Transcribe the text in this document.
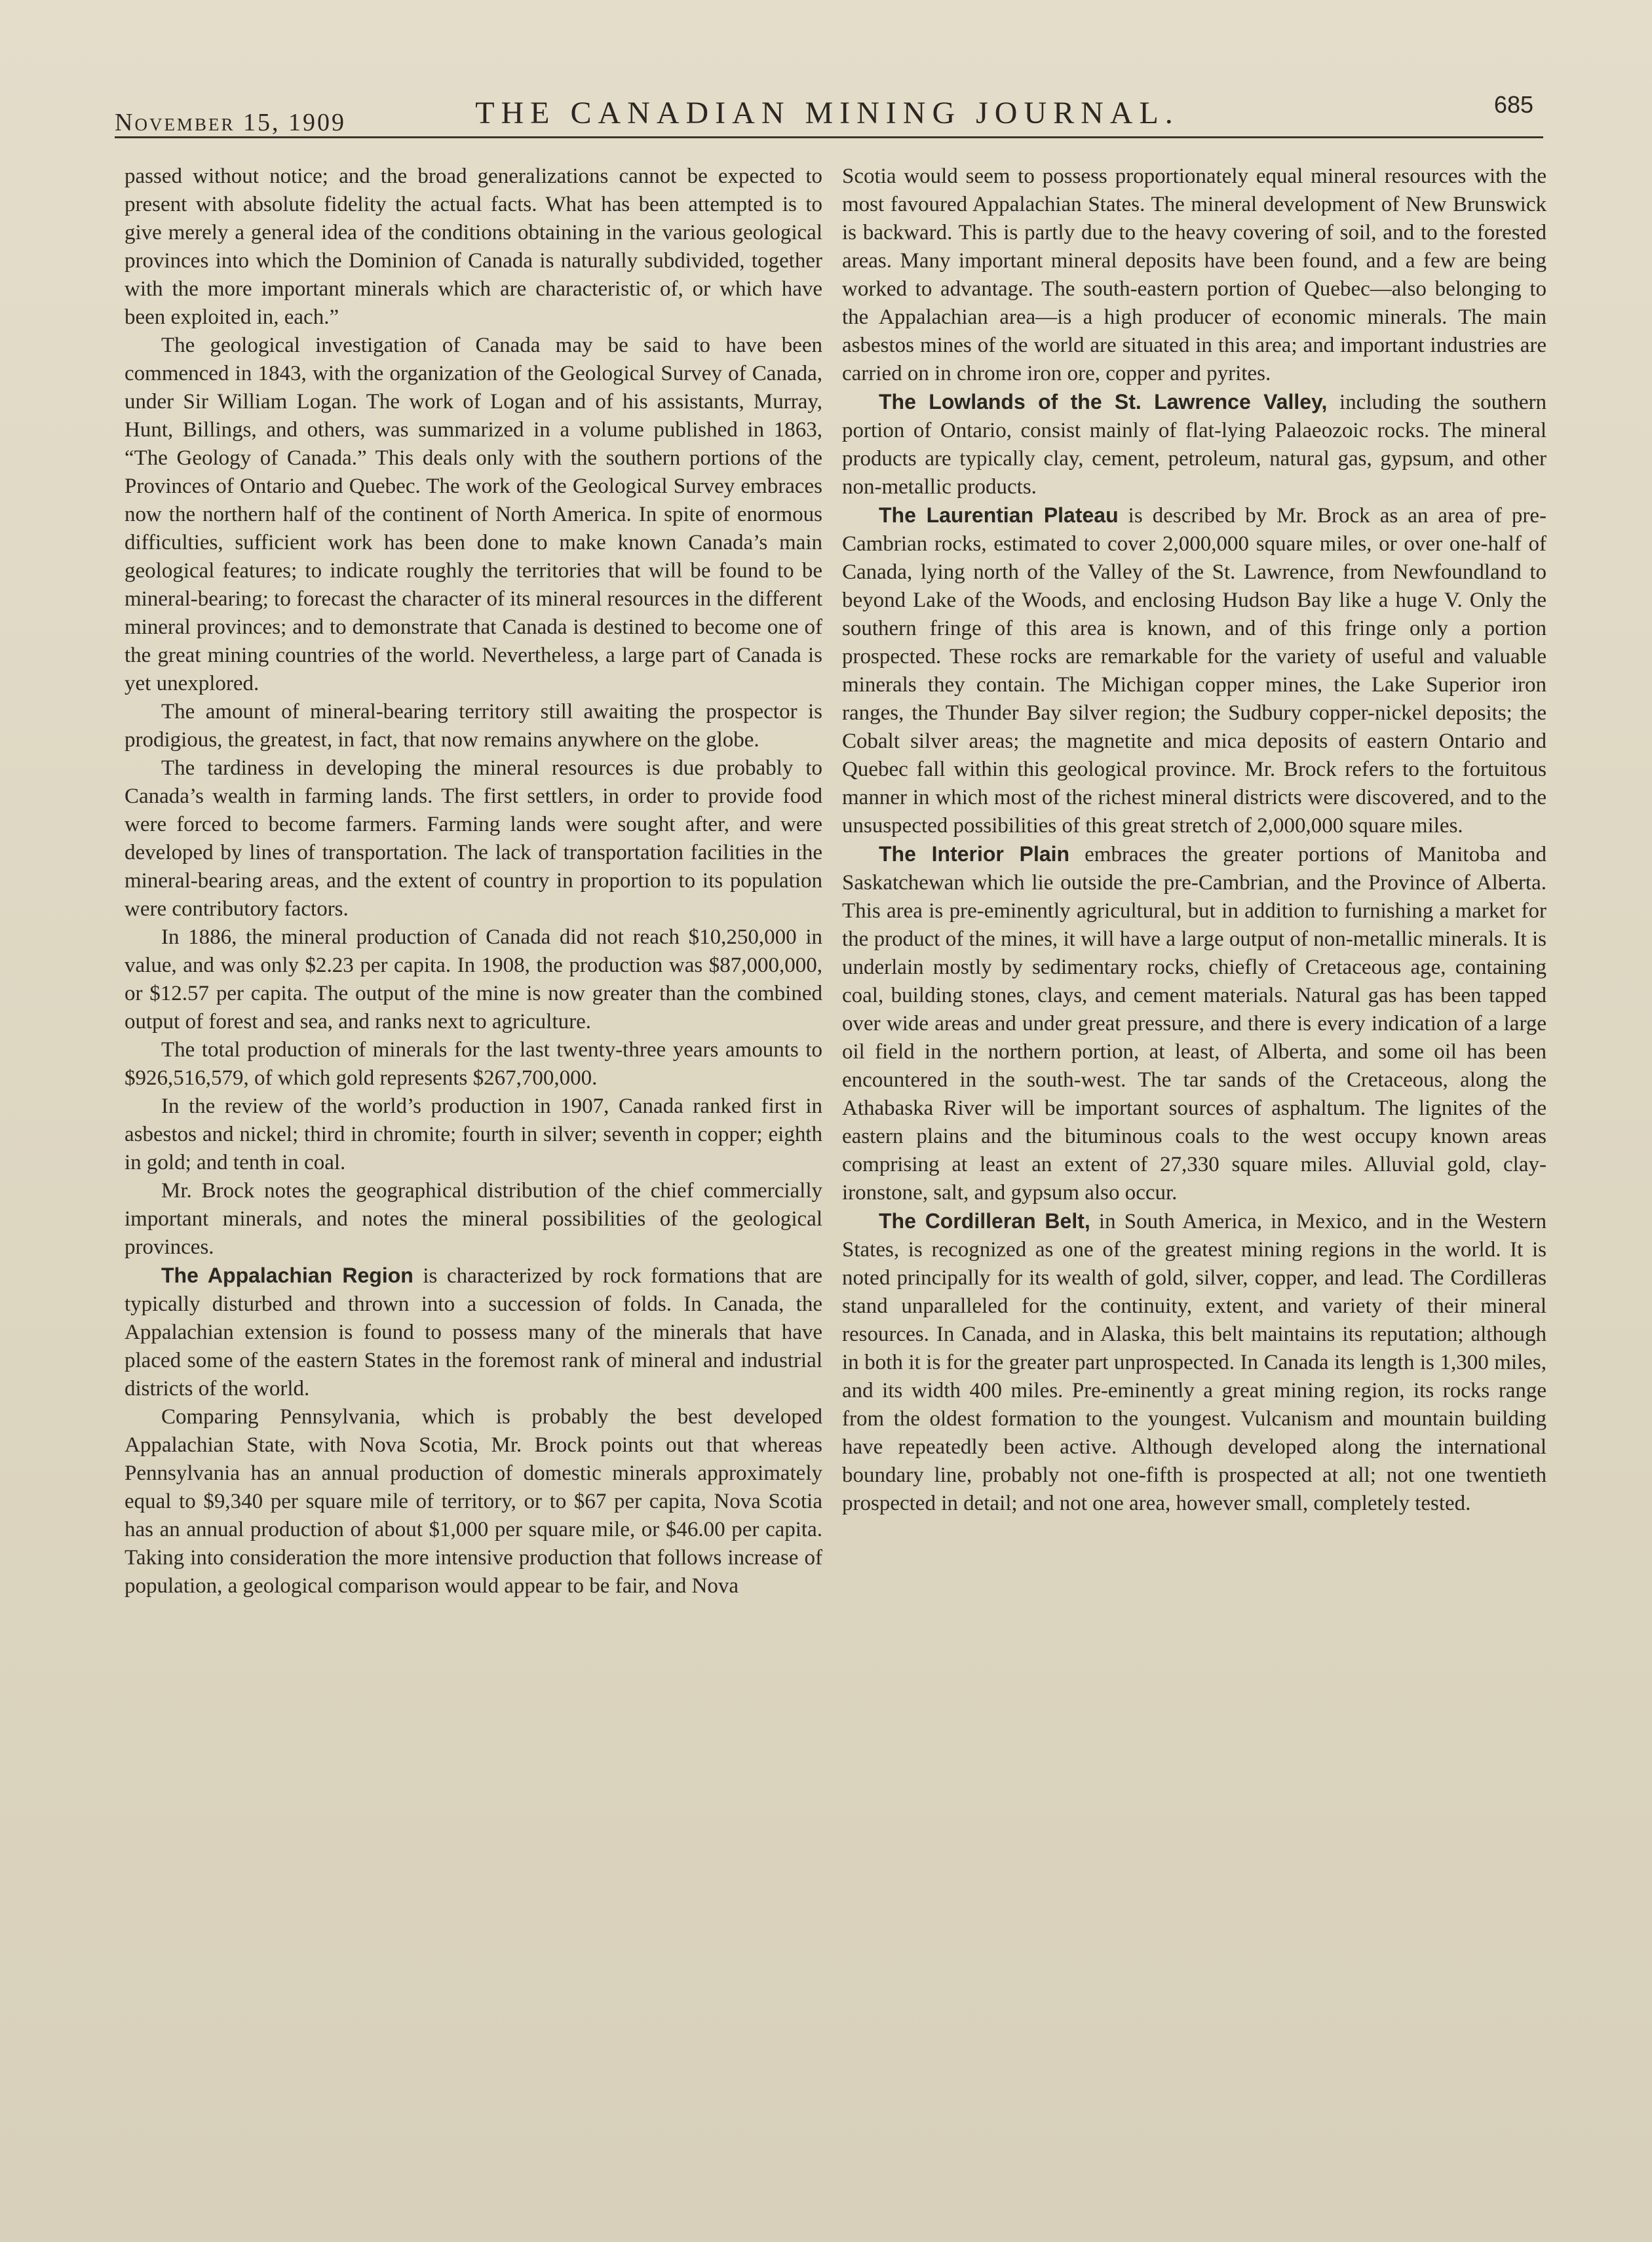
November 15, 1909	THE CANADIAN MINING JOURNAL.	685

passed without notice; and the broad generalizations cannot be expected to present with absolute fidelity the actual facts. What has been attempted is to give merely a general idea of the conditions obtaining in the various geological provinces into which the Dominion of Canada is naturally subdivided, together with the more important minerals which are characteristic of, or which have been exploited in, each.”

The geological investigation of Canada may be said to have been commenced in 1843, with the organization of the Geological Survey of Canada, under Sir William Logan. The work of Logan and of his assistants, Murray, Hunt, Billings, and others, was summarized in a volume published in 1863, “The Geology of Canada.” This deals only with the southern portions of the Provinces of Ontario and Quebec. The work of the Geological Survey embraces now the northern half of the continent of North America. In spite of enormous difficulties, sufficient work has been done to make known Canada’s main geological features; to indicate roughly the territories that will be found to be mineral-bearing; to forecast the character of its mineral resources in the different mineral provinces; and to demonstrate that Canada is destined to become one of the great mining countries of the world. Nevertheless, a large part of Canada is yet unexplored.

The amount of mineral-bearing territory still awaiting the prospector is prodigious, the greatest, in fact, that now remains anywhere on the globe.

The tardiness in developing the mineral resources is due probably to Canada’s wealth in farming lands. The first settlers, in order to provide food were forced to become farmers. Farming lands were sought after, and were developed by lines of transportation. The lack of transportation facilities in the mineral-bearing areas, and the extent of country in proportion to its population were contributory factors.

In 1886, the mineral production of Canada did not reach $10,250,000 in value, and was only $2.23 per capita. In 1908, the production was $87,000,000, or $12.57 per capita. The output of the mine is now greater than the combined output of forest and sea, and ranks next to agriculture.

The total production of minerals for the last twenty-three years amounts to $926,516,579, of which gold represents $267,700,000.

In the review of the world’s production in 1907, Canada ranked first in asbestos and nickel; third in chromite; fourth in silver; seventh in copper; eighth in gold; and tenth in coal.

Mr. Brock notes the geographical distribution of the chief commercially important minerals, and notes the mineral possibilities of the geological provinces.

The Appalachian Region is characterized by rock formations that are typically disturbed and thrown into a succession of folds. In Canada, the Appalachian extension is found to possess many of the minerals that have placed some of the eastern States in the foremost rank of mineral and industrial districts of the world.

Comparing Pennsylvania, which is probably the best developed Appalachian State, with Nova Scotia, Mr. Brock points out that whereas Pennsylvania has an annual production of domestic minerals approximately equal to $9,340 per square mile of territory, or to $67 per capita, Nova Scotia has an annual production of about $1,000 per square mile, or $46.00 per capita. Taking into consideration the more intensive production that follows increase of population, a geological comparison would appear to be fair, and Nova

Scotia would seem to possess proportionately equal mineral resources with the most favoured Appalachian States. The mineral development of New Brunswick is backward. This is partly due to the heavy covering of soil, and to the forested areas. Many important mineral deposits have been found, and a few are being worked to advantage. The south-eastern portion of Quebec—also belonging to the Appalachian area—is a high producer of economic minerals. The main asbestos mines of the world are situated in this area; and important industries are carried on in chrome iron ore, copper and pyrites.

The Lowlands of the St. Lawrence Valley, including the southern portion of Ontario, consist mainly of flat-lying Palaeozoic rocks. The mineral products are typically clay, cement, petroleum, natural gas, gypsum, and other non-metallic products.

The Laurentian Plateau is described by Mr. Brock as an area of pre-Cambrian rocks, estimated to cover 2,000,000 square miles, or over one-half of Canada, lying north of the Valley of the St. Lawrence, from Newfoundland to beyond Lake of the Woods, and enclosing Hudson Bay like a huge V. Only the southern fringe of this area is known, and of this fringe only a portion prospected. These rocks are remarkable for the variety of useful and valuable minerals they contain. The Michigan copper mines, the Lake Superior iron ranges, the Thunder Bay silver region; the Sudbury copper-nickel deposits; the Cobalt silver areas; the magnetite and mica deposits of eastern Ontario and Quebec fall within this geological province. Mr. Brock refers to the fortuitous manner in which most of the richest mineral districts were discovered, and to the unsuspected possibilities of this great stretch of 2,000,000 square miles.

The Interior Plain embraces the greater portions of Manitoba and Saskatchewan which lie outside the pre-Cambrian, and the Province of Alberta. This area is pre-eminently agricultural, but in addition to furnishing a market for the product of the mines, it will have a large output of non-metallic minerals. It is underlain mostly by sedimentary rocks, chiefly of Cretaceous age, containing coal, building stones, clays, and cement materials. Natural gas has been tapped over wide areas and under great pressure, and there is every indication of a large oil field in the northern portion, at least, of Alberta, and some oil has been encountered in the south-west. The tar sands of the Cretaceous, along the Athabaska River will be important sources of asphaltum. The lignites of the eastern plains and the bituminous coals to the west occupy known areas comprising at least an extent of 27,330 square miles. Alluvial gold, clay-ironstone, salt, and gypsum also occur.

The Cordilleran Belt, in South America, in Mexico, and in the Western States, is recognized as one of the greatest mining regions in the world. It is noted principally for its wealth of gold, silver, copper, and lead. The Cordilleras stand unparalleled for the continuity, extent, and variety of their mineral resources. In Canada, and in Alaska, this belt maintains its reputation; although in both it is for the greater part unprospected. In Canada its length is 1,300 miles, and its width 400 miles. Pre-eminently a great mining region, its rocks range from the oldest formation to the youngest. Vulcanism and mountain building have repeatedly been active. Although developed along the international boundary line, probably not one-fifth is prospected at all; not one twentieth prospected in detail; and not one area, however small, completely tested.
